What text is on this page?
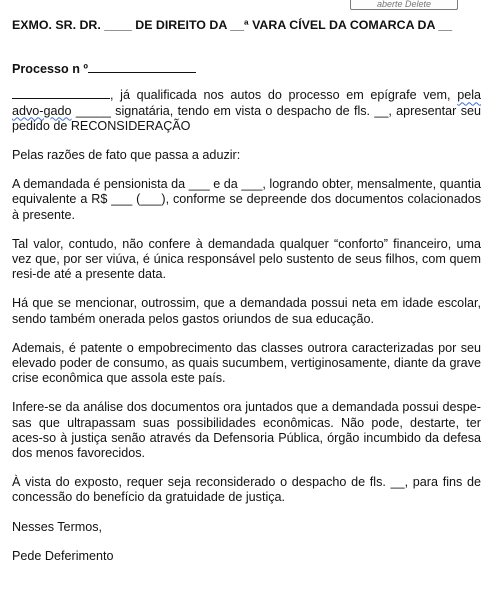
aberte Delete
EXMO. SR. DR. ____ DE DIREITO DA __ª VARA CÍVEL DA COMARCA DA __
Processo n º
, já qualificada nos autos do processo em epígrafe vem, pela advo-gado _____ signatária, tendo em vista o despacho de fls. __, apresentar seu pedido de RECONSIDERAÇÃO
Pelas razões de fato que passa a aduzir:
A demandada é pensionista da ___ e da ___, logrando obter, mensalmente, quantia equivalente a R$ ___ (___), conforme se depreende dos documentos colacionados à presente.
Tal valor, contudo, não confere à demandada qualquer “conforto” financeiro, uma vez que, por ser viúva, é única responsável pelo sustento de seus filhos, com quem resi-de até a presente data.
Há que se mencionar, outrossim, que a demandada possui neta em idade escolar, sendo também onerada pelos gastos oriundos de sua educação.
Ademais, é patente o empobrecimento das classes outrora caracterizadas por seu elevado poder de consumo, as quais sucumbem, vertiginosamente, diante da grave crise econômica que assola este país.
Infere-se da análise dos documentos ora juntados que a demandada possui despe-sas que ultrapassam suas possibilidades econômicas. Não pode, destarte, ter aces-so à justiça senão através da Defensoria Pública, órgão incumbido da defesa dos menos favorecidos.
À vista do exposto, requer seja reconsiderado o despacho de fls. __, para fins de concessão do benefício da gratuidade de justiça.
Nesses Termos,
Pede Deferimento
